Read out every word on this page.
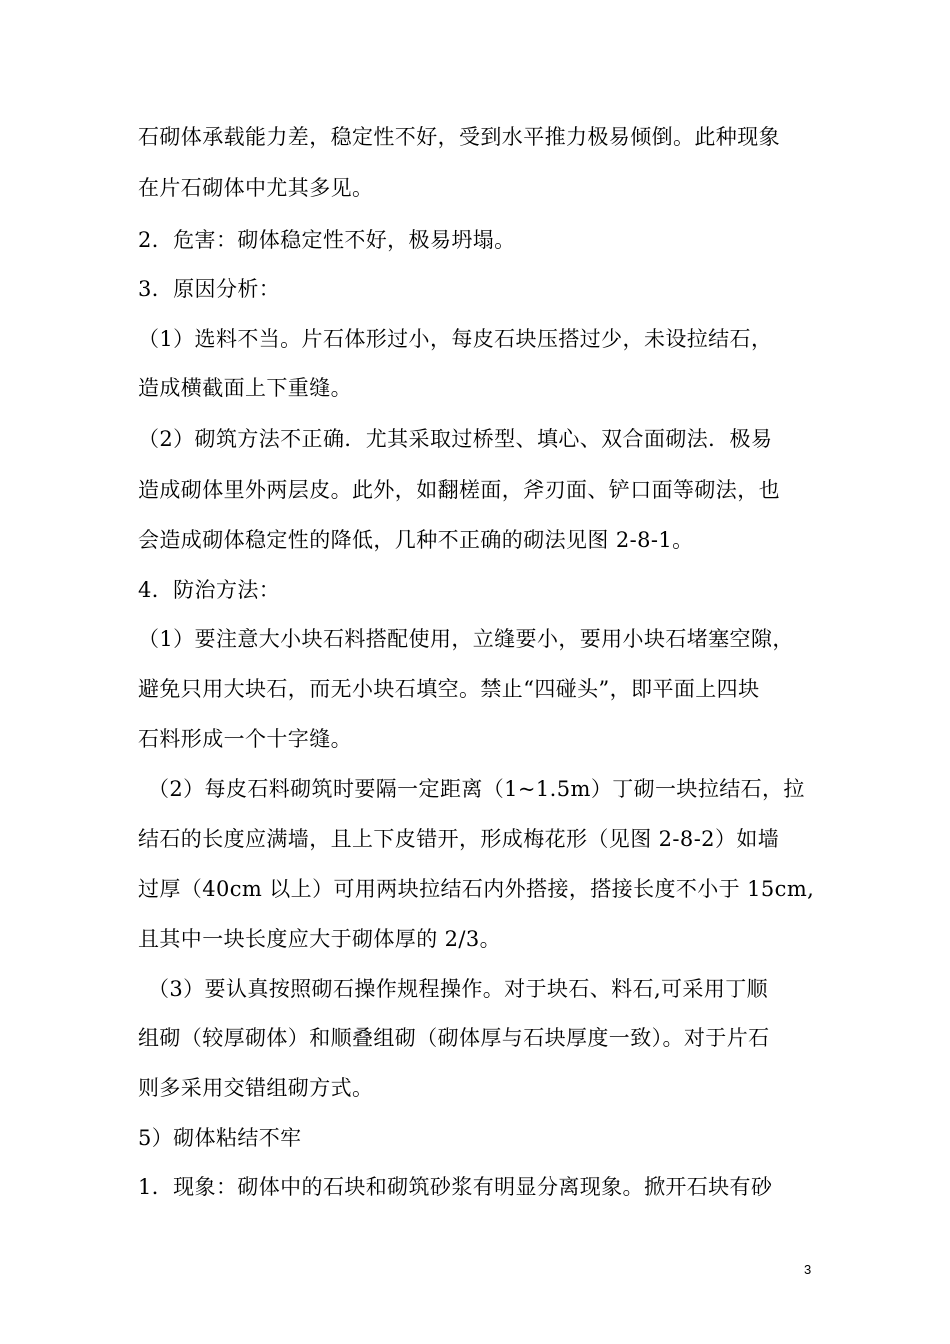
石砌体承载能力差，稳定性不好，受到水平推力极易倾倒。此种现象
在片石砌体中尤其多见。
2．危害：砌体稳定性不好，极易坍塌。
3．原因分析：
（1）选料不当。片石体形过小，每皮石块压搭过少，未设拉结石，
造成横截面上下重缝。
（2）砌筑方法不正确．尤其采取过桥型、填心、双合面砌法．极易
造成砌体里外两层皮。此外，如翻槎面，斧刃面、铲口面等砌法，也
会造成砌体稳定性的降低，几种不正确的砌法见图 2-8-1。
4．防治方法：
（1）要注意大小块石料搭配使用，立缝要小，要用小块石堵塞空隙，
避免只用大块石，而无小块石填空。禁止“四碰头”，即平面上四块
石料形成一个十字缝。
（2）每皮石料砌筑时要隔一定距离（1~1.5m）丁砌一块拉结石，拉
结石的长度应满墙，且上下皮错开，形成梅花形（见图 2-8-2）如墙
过厚（40cm 以上）可用两块拉结石内外搭接，搭接长度不小于 15cm,
且其中一块长度应大于砌体厚的 2/3。
（3）要认真按照砌石操作规程操作。对于块石、料石,可采用丁顺
组砌（较厚砌体）和顺叠组砌（砌体厚与石块厚度一致）。对于片石
则多采用交错组砌方式。
5）砌体粘结不牢
1．现象：砌体中的石块和砌筑砂浆有明显分离现象。掀开石块有砂
3
